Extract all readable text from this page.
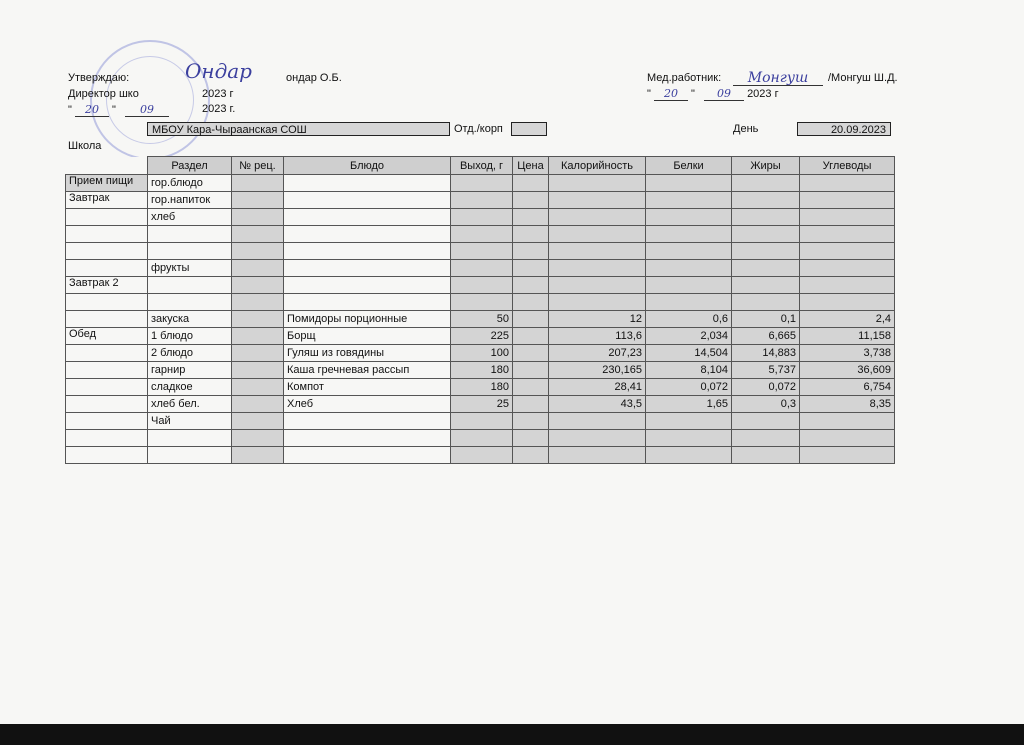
Утверждаю:	Ондар	ондар О.Б.
Директор шко	2023 г
" 20 " 09	2023 г.
Мед.работник:	Монгуш	/Монгуш Ш.Д.
" 20 " 09 2023 г
МБОУ Кара-Чыраанская СОШ	Отд./корп	День	20.09.2023
Школа
	Раздел	№ рец.	Блюдо	Выход, г	Цена	Калорийность	Белки	Жиры	Углеводы
Прием пищи	гор.блюдо								
Завтрак	гор.напиток								
	хлеб								

	фрукты								
Завтрак 2									

	закуска		Помидоры порционные	50		12	0,6	0,1	2,4
Обед	1 блюдо		Борщ	225		113,6	2,034	6,665	11,158
	2 блюдо		Гуляш из говядины	100		207,23	14,504	14,883	3,738
	гарнир		Каша гречневая рассып	180		230,165	8,104	5,737	36,609
	сладкое		Компот	180		28,41	0,072	0,072	6,754
	хлеб бел.		Хлеб	25		43,5	1,65	0,3	8,35
	Чай								
